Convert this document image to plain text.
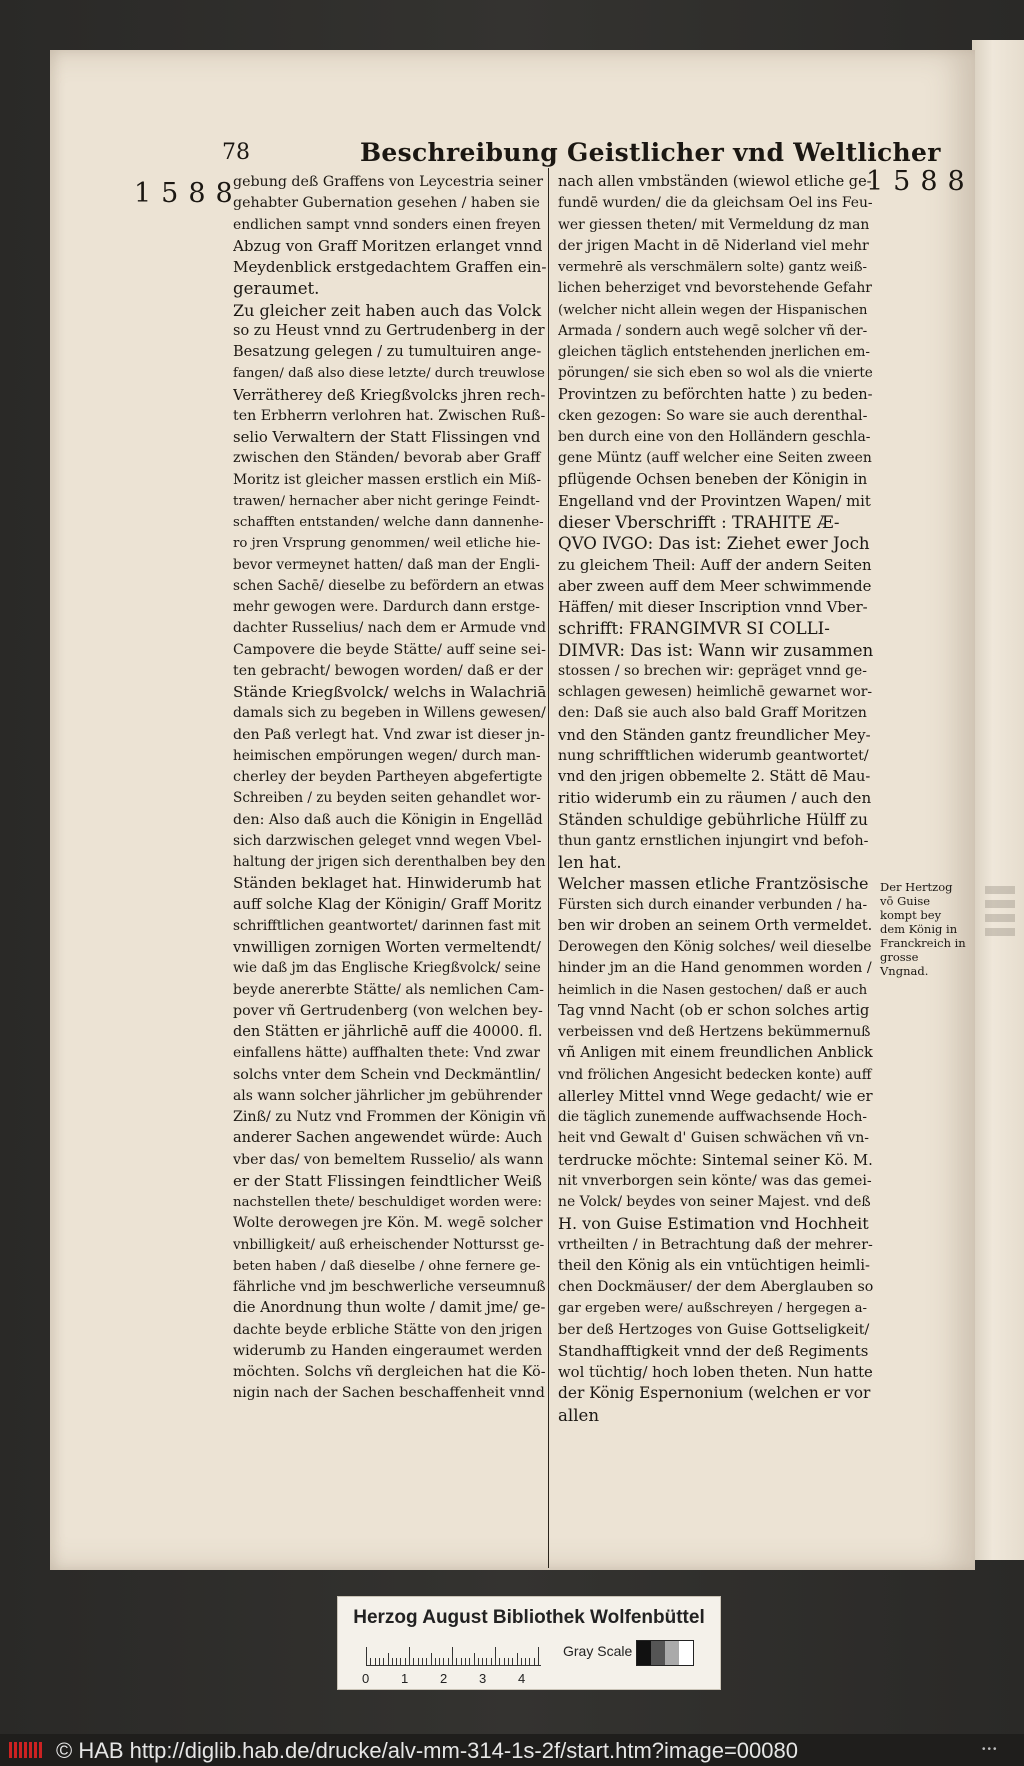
78	Beschreibung Geistlicher vnd Weltlicher
1588	1588
gebung deß Graffens von Leycestria seiner
gehabter Gubernation gesehen / haben sie
endlichen sampt vnnd sonders einen freyen
Abzug von Graff Moritzen erlanget vnnd
Meydenblick erstgedachtem Graffen ein-
geraumet.
Zu gleicher zeit haben auch das Volck
so zu Heust vnnd zu Gertrudenberg in der
Besatzung gelegen / zu tumultuiren ange-
fangen/ daß also diese letzte/ durch treuwlose
Verrätherey deß Kriegßvolcks jhren rech-
ten Erbherrn verlohren hat. Zwischen Ruß-
selio Verwaltern der Statt Flissingen vnd
zwischen den Ständen/ bevorab aber Graff
Moritz ist gleicher massen erstlich ein Miß-
trawen/ hernacher aber nicht geringe Feindt-
schafften entstanden/ welche dann dannenhe-
ro jren Vrsprung genommen/ weil etliche hie-
bevor vermeynet hatten/ daß man der Engli-
schen Sachē/ dieselbe zu befördern an etwas
mehr gewogen were. Dardurch dann erstge-
dachter Russelius/ nach dem er Armude vnd
Campovere die beyde Stätte/ auff seine sei-
ten gebracht/ bewogen worden/ daß er der
Stände Kriegßvolck/ welchs in Walachriā
damals sich zu begeben in Willens gewesen/
den Paß verlegt hat. Vnd zwar ist dieser jn-
heimischen empörungen wegen/ durch man-
cherley der beyden Partheyen abgefertigte
Schreiben / zu beyden seiten gehandlet wor-
den: Also daß auch die Königin in Engellād
sich darzwischen geleget vnnd wegen Vbel-
haltung der jrigen sich derenthalben bey den
Ständen beklaget hat. Hinwiderumb hat
auff solche Klag der Königin/ Graff Moritz
schrifftlichen geantwortet/ darinnen fast mit
vnwilligen zornigen Worten vermeltendt/
wie daß jm das Englische Kriegßvolck/ seine
beyde anererbte Stätte/ als nemlichen Cam-
pover vñ Gertrudenberg (von welchen bey-
den Stätten er jährlichē auff die 40000. fl.
einfallens hätte) auffhalten thete: Vnd zwar
solchs vnter dem Schein vnd Deckmäntlin/
als wann solcher jährlicher jm gebührender
Zinß/ zu Nutz vnd Frommen der Königin vñ
anderer Sachen angewendet würde: Auch
vber das/ von bemeltem Russelio/ als wann
er der Statt Flissingen feindtlicher Weiß
nachstellen thete/ beschuldiget worden were:
Wolte derowegen jre Kön. M. wegē solcher
vnbilligkeit/ auß erheischender Nottursst ge-
beten haben / daß dieselbe / ohne fernere ge-
fährliche vnd jm beschwerliche verseumnuß
die Anordnung thun wolte / damit jme/ ge-
dachte beyde erbliche Stätte von den jrigen
widerumb zu Handen eingeraumet werden
möchten. Solchs vñ dergleichen hat die Kö-
nigin nach der Sachen beschaffenheit vnnd
nach allen vmbständen (wiewol etliche ge-
fundē wurden/ die da gleichsam Oel ins Feu-
wer giessen theten/ mit Vermeldung dz man
der jrigen Macht in dē Niderland viel mehr
vermehrē als verschmälern solte) gantz weiß-
lichen beherziget vnd bevorstehende Gefahr
(welcher nicht allein wegen der Hispanischen
Armada / sondern auch wegē solcher vñ der-
gleichen täglich entstehenden jnerlichen em-
pörungen/ sie sich eben so wol als die vnierte
Provintzen zu beförchten hatte ) zu beden-
cken gezogen: So ware sie auch derenthal-
ben durch eine von den Holländern geschla-
gene Müntz (auff welcher eine Seiten zween
pflügende Ochsen beneben der Königin in
Engelland vnd der Provintzen Wapen/ mit
dieser Vberschrifft : TRAHITE Æ-
QVO IVGO: Das ist: Ziehet ewer Joch
zu gleichem Theil: Auff der andern Seiten
aber zween auff dem Meer schwimmende
Häffen/ mit dieser Inscription vnnd Vber-
schrifft: FRANGIMVR SI COLLI-
DIMVR: Das ist: Wann wir zusammen
stossen / so brechen wir: gepräget vnnd ge-
schlagen gewesen) heimlichē gewarnet wor-
den: Daß sie auch also bald Graff Moritzen
vnd den Ständen gantz freundlicher Mey-
nung schrifftlichen widerumb geantwortet/
vnd den jrigen obbemelte 2. Stätt dē Mau-
ritio widerumb ein zu räumen / auch den
Ständen schuldige gebührliche Hülff zu
thun gantz ernstlichen injungirt vnd befoh-
len hat.
Welcher massen etliche Frantzösische
Fürsten sich durch einander verbunden / ha-
ben wir droben an seinem Orth vermeldet.
Derowegen den König solches/ weil dieselbe
hinder jm an die Hand genommen worden /
heimlich in die Nasen gestochen/ daß er auch
Tag vnnd Nacht (ob er schon solches artig
verbeissen vnd deß Hertzens bekümmernuß
vñ Anligen mit einem freundlichen Anblick
vnd frölichen Angesicht bedecken konte) auff
allerley Mittel vnnd Wege gedacht/ wie er
die täglich zunemende auffwachsende Hoch-
heit vnd Gewalt d' Guisen schwächen vñ vn-
terdrucke möchte: Sintemal seiner Kö. M.
nit vnverborgen sein könte/ was das gemei-
ne Volck/ beydes von seiner Majest. vnd deß
H. von Guise Estimation vnd Hochheit
vrtheilten / in Betrachtung daß der mehrer-
theil den König als ein vntüchtigen heimli-
chen Dockmäuser/ der dem Aberglauben so
gar ergeben were/ außschreyen / hergegen a-
ber deß Hertzoges von Guise Gottseligkeit/
Standhafftigkeit vnnd der deß Regiments
wol tüchtig/ hoch loben theten. Nun hatte
der König Espernonium (welchen er vor
allen
Der Hertzog vō Guise kompt bey dem König in Franckreich in grosse Vngnad.
Herzog August Bibliothek Wolfenbüttel
0 1 2 3 4
Gray Scale
© HAB http://diglib.hab.de/drucke/alv-mm-314-1s-2f/start.htm?image=00080	•••
